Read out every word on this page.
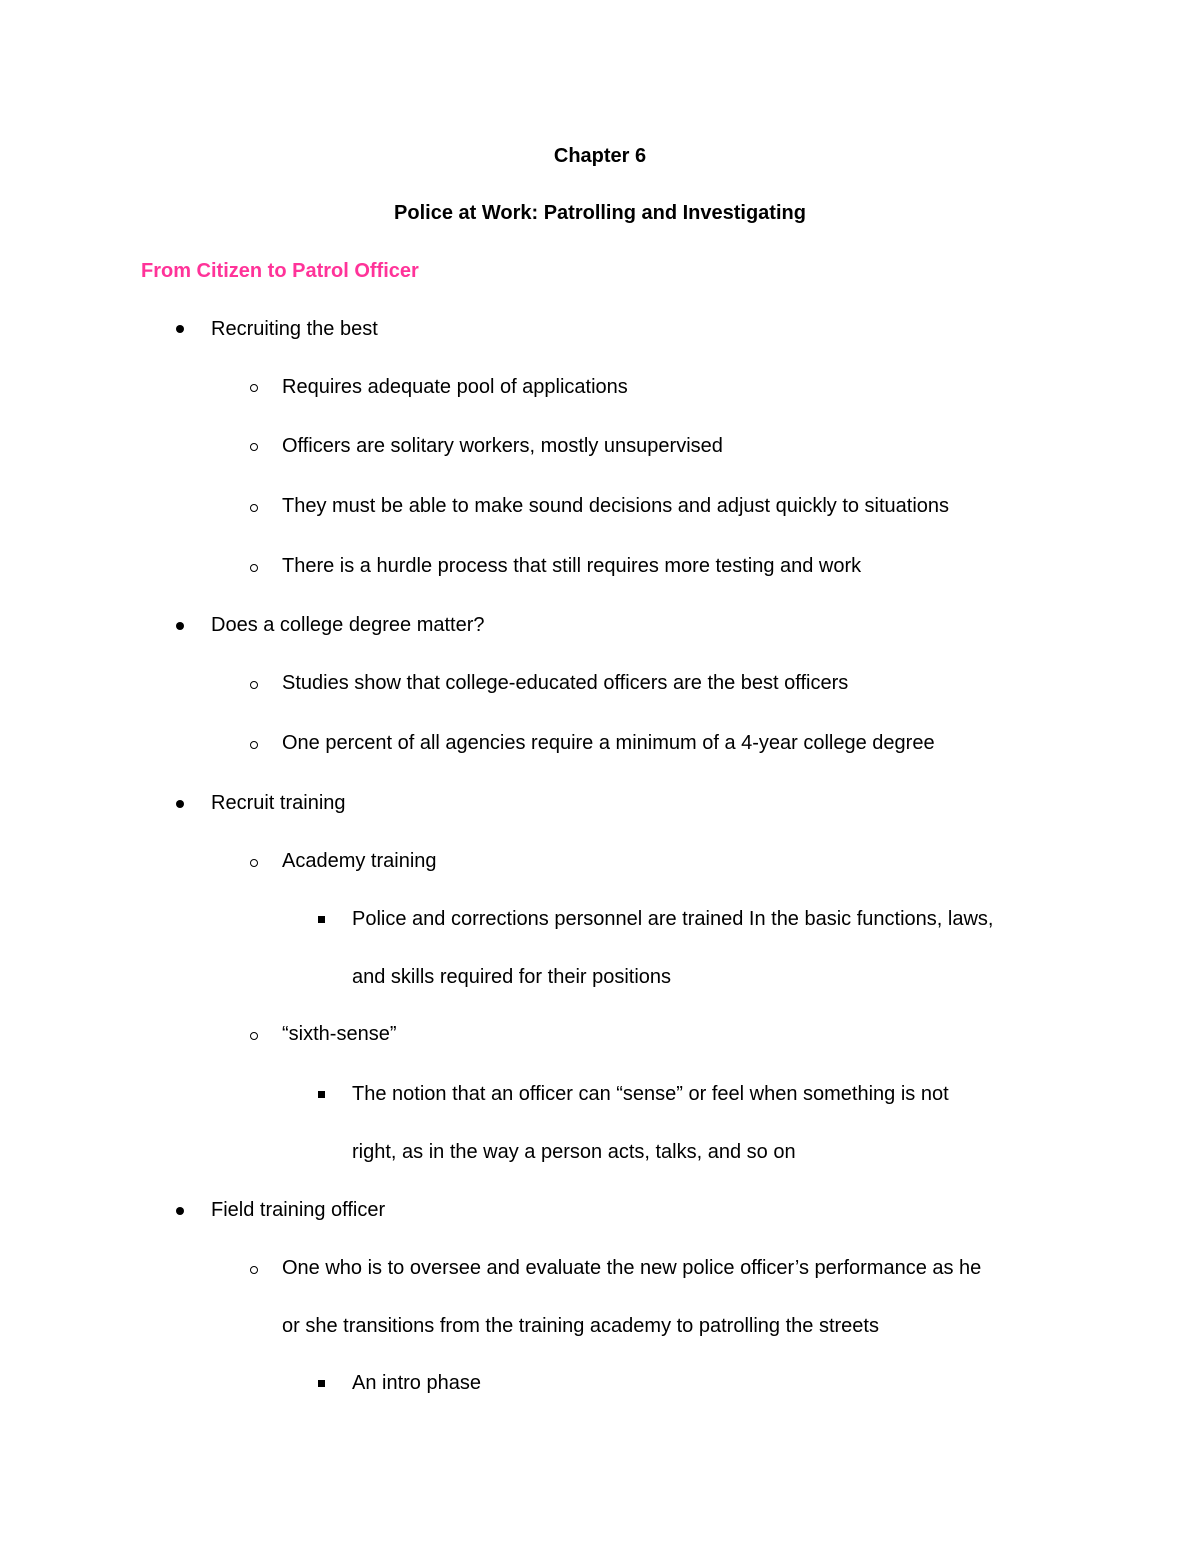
Chapter 6
Police at Work: Patrolling and Investigating
From Citizen to Patrol Officer
Recruiting the best
Requires adequate pool of applications
Officers are solitary workers, mostly unsupervised
They must be able to make sound decisions and adjust quickly to situations
There is a hurdle process that still requires more testing and work
Does a college degree matter?
Studies show that college-educated officers are the best officers
One percent of all agencies require a minimum of a 4-year college degree
Recruit training
Academy training
Police and corrections personnel are trained In the basic functions, laws,
and skills required for their positions
“sixth-sense”
The notion that an officer can “sense” or feel when something is not
right, as in the way a person acts, talks, and so on
Field training officer
One who is to oversee and evaluate the new police officer’s performance as he
or she transitions from the training academy to patrolling the streets
An intro phase
